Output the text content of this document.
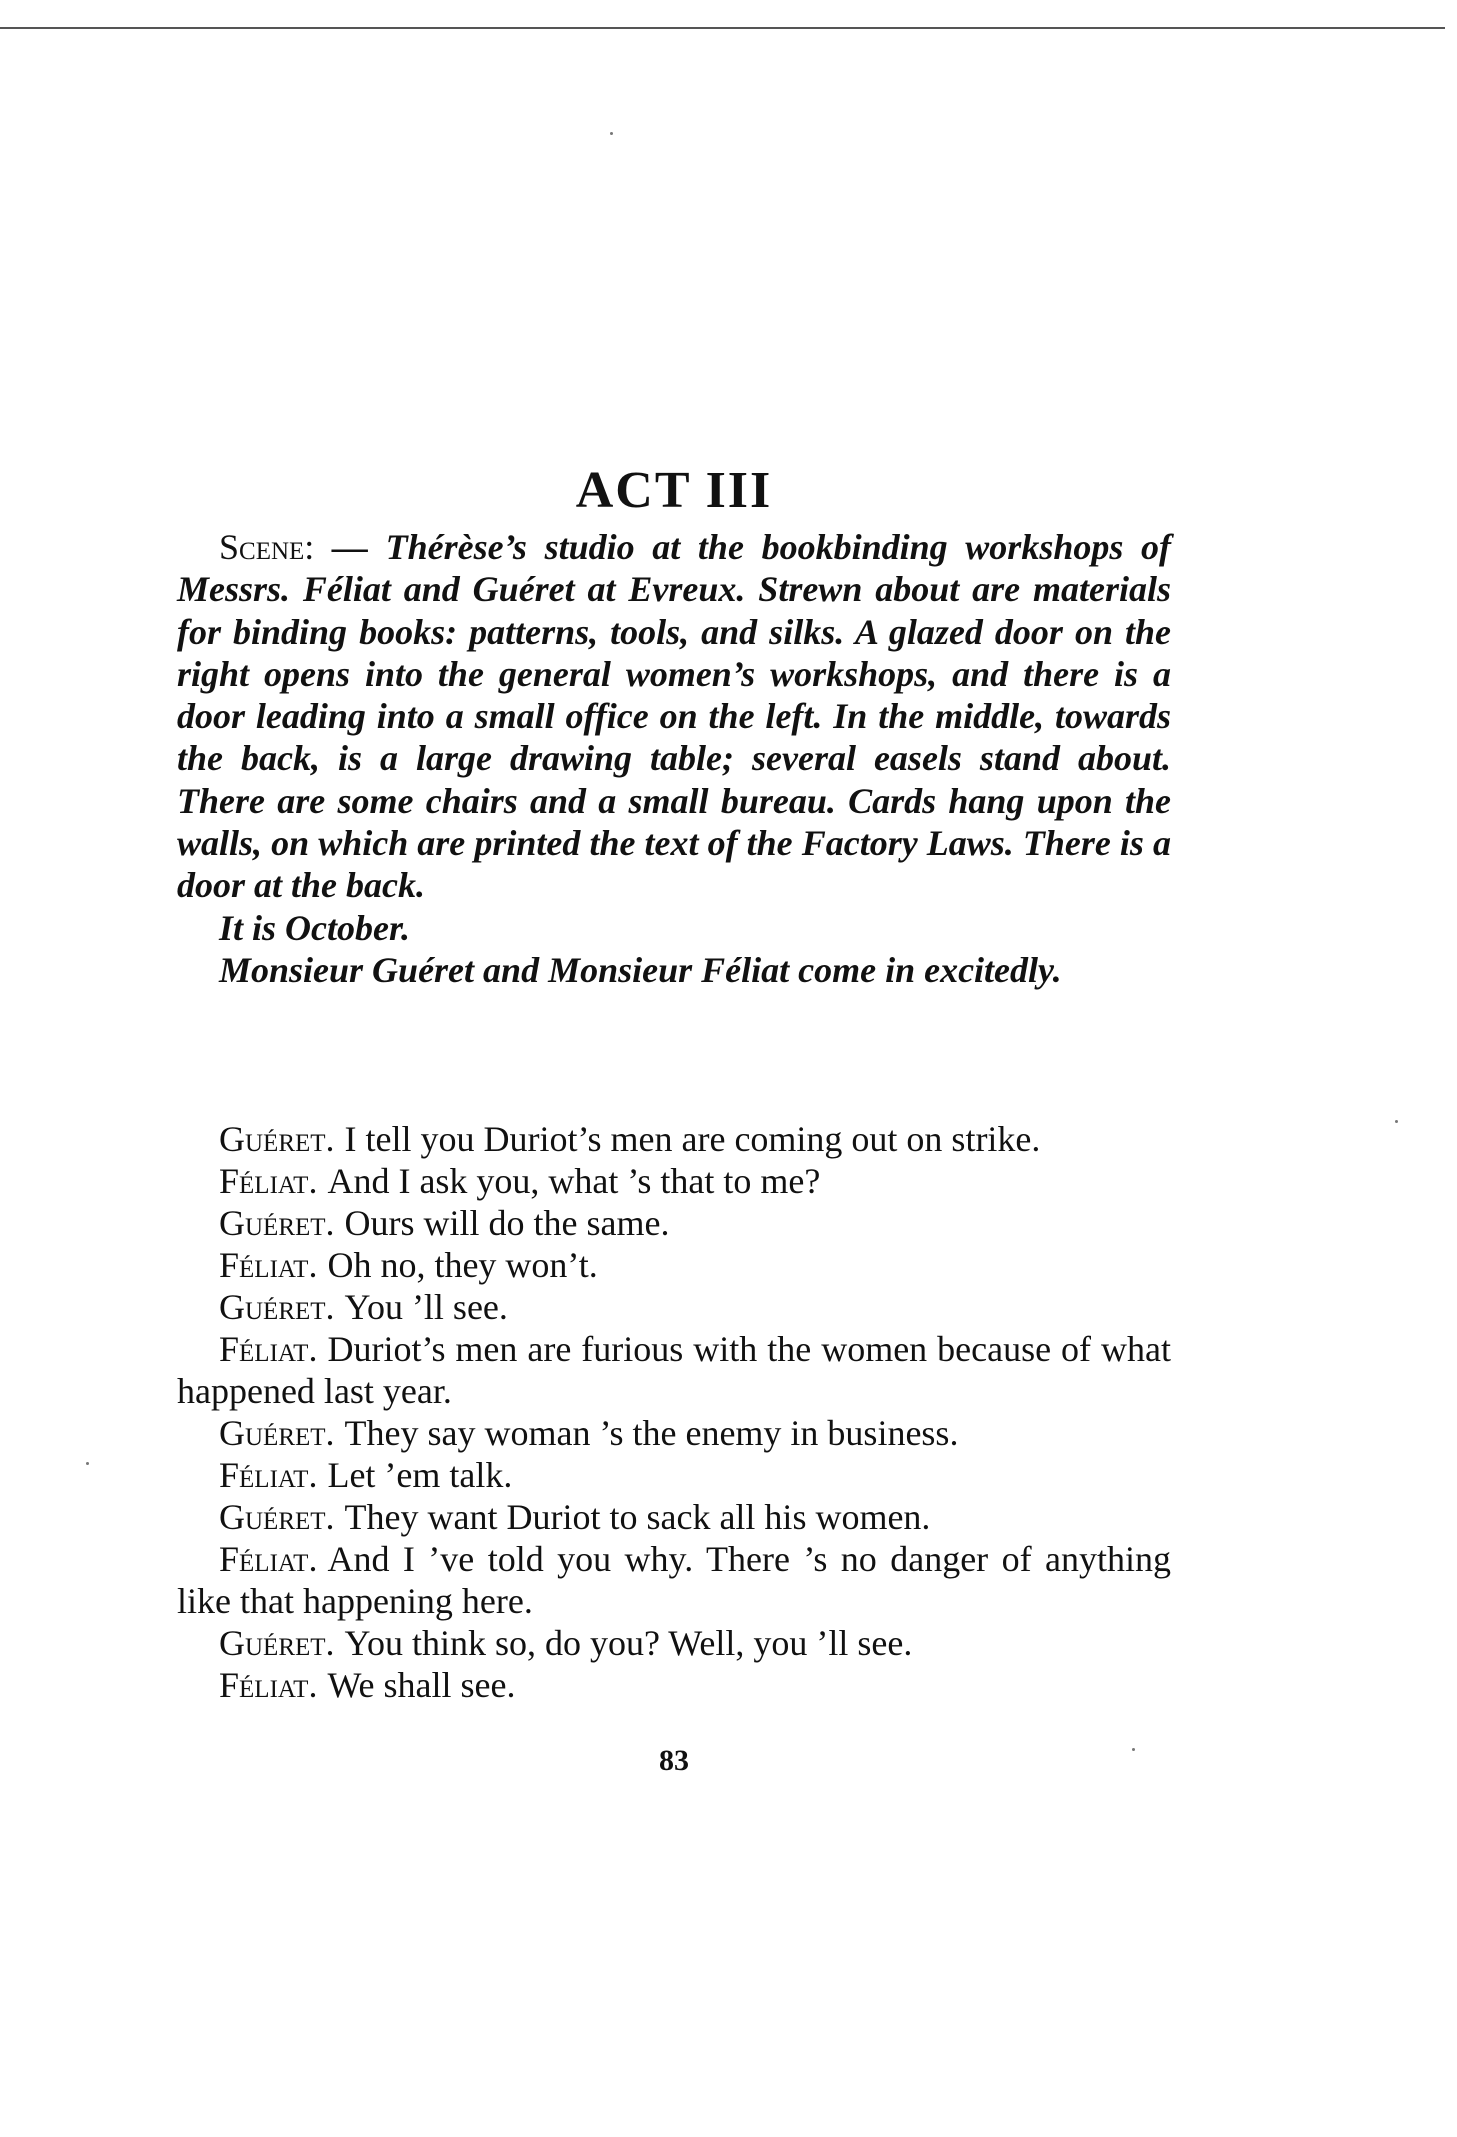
ACT III

Scene: — Thérèse’s studio at the bookbinding workshops of Messrs. Féliat and Guéret at Evreux. Strewn about are materials for binding books: patterns, tools, and silks. A glazed door on the right opens into the general women’s workshops, and there is a door leading into a small office on the left. In the middle, towards the back, is a large drawing table; several easels stand about. There are some chairs and a small bureau. Cards hang upon the walls, on which are printed the text of the Factory Laws. There is a door at the back.

It is October.

Monsieur Guéret and Monsieur Féliat come in excitedly.

Guéret. I tell you Duriot’s men are coming out on strike.

Féliat. And I ask you, what ’s that to me?

Guéret. Ours will do the same.

Féliat. Oh no, they won’t.

Guéret. You ’ll see.

Féliat. Duriot’s men are furious with the women because of what happened last year.

Guéret. They say woman ’s the enemy in business.

Féliat. Let ’em talk.

Guéret. They want Duriot to sack all his women.

Féliat. And I ’ve told you why. There ’s no danger of anything like that happening here.

Guéret. You think so, do you? Well, you ’ll see.

Féliat. We shall see.

83
